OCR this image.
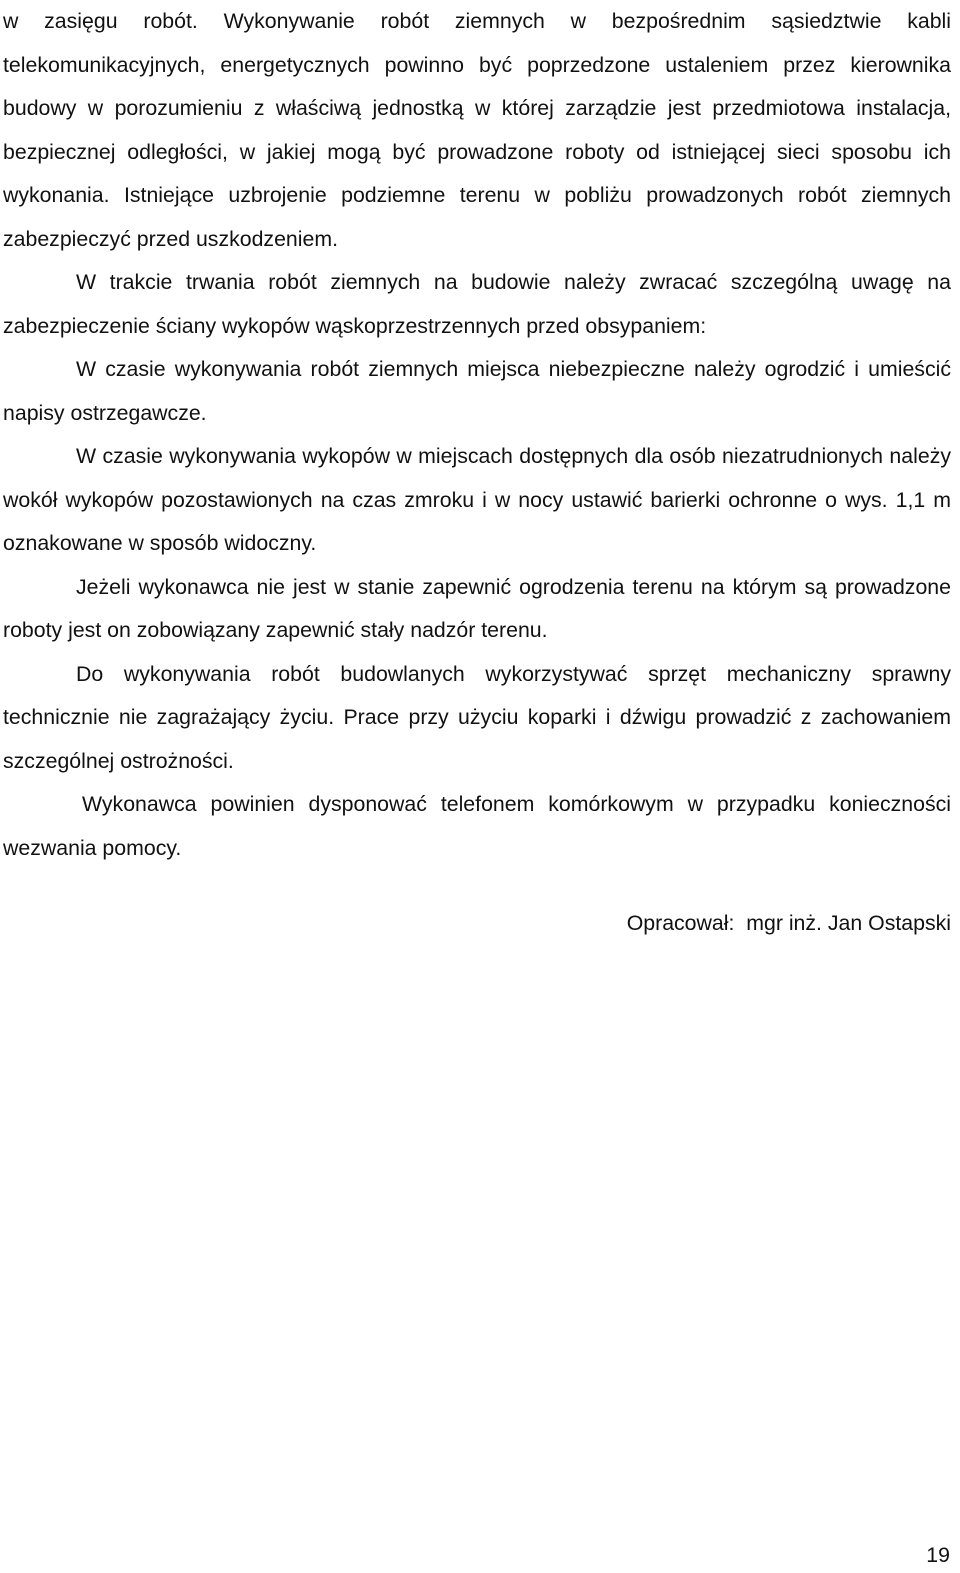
w zasięgu robót. Wykonywanie robót ziemnych w bezpośrednim sąsiedztwie kabli telekomunikacyjnych, energetycznych powinno być poprzedzone ustaleniem przez kierownika budowy w porozumieniu z właściwą jednostką w której zarządzie jest przedmiotowa instalacja, bezpiecznej odległości, w jakiej mogą być prowadzone roboty od istniejącej sieci sposobu ich wykonania. Istniejące uzbrojenie podziemne terenu w pobliżu prowadzonych robót ziemnych zabezpieczyć przed uszkodzeniem.

W trakcie trwania robót ziemnych na budowie należy zwracać szczególną uwagę na zabezpieczenie ściany wykopów wąskoprzestrzennych przed obsypaniem:

W czasie wykonywania robót ziemnych miejsca niebezpieczne należy ogrodzić i umieścić napisy ostrzegawcze.

W czasie wykonywania wykopów w miejscach dostępnych dla osób niezatrudnionych należy wokół wykopów pozostawionych na czas zmroku i w nocy ustawić barierki ochronne o wys. 1,1 m oznakowane w sposób widoczny.

Jeżeli wykonawca nie jest w stanie zapewnić ogrodzenia terenu na którym są prowadzone roboty jest on zobowiązany zapewnić stały nadzór terenu.

Do wykonywania robót budowlanych wykorzystywać sprzęt mechaniczny sprawny technicznie nie zagrażający życiu. Prace przy użyciu koparki i dźwigu prowadzić z zachowaniem szczególnej ostrożności.

Wykonawca powinien dysponować telefonem komórkowym w przypadku konieczności wezwania pomocy.

Opracował:  mgr inż. Jan Ostapski
19
